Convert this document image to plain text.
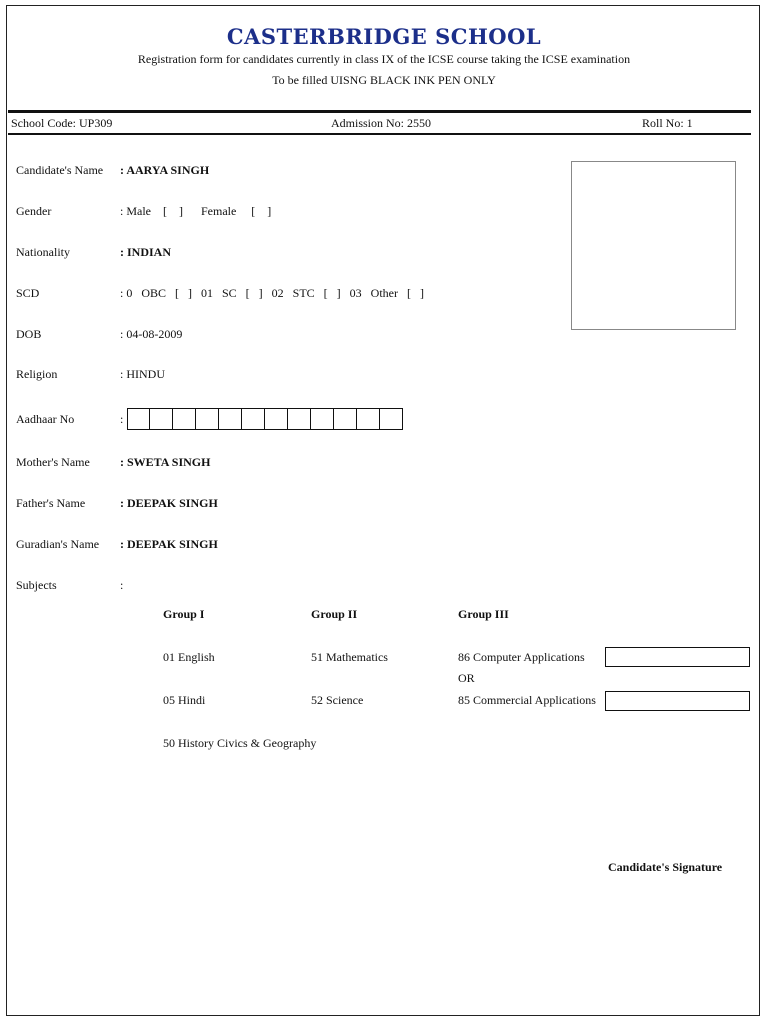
CASTERBRIDGE SCHOOL
Registration form for candidates currently in class IX of the ICSE course taking the ICSE examination
To be filled UISNG BLACK INK PEN ONLY
School Code: UP309	Admission No: 2550	Roll No: 1
Candidate's Name : AARYA SINGH
Gender	: Male    [    ]      Female     [    ]
Nationality	: INDIAN
SCD	: 0   OBC   [   ]   01   SC   [   ]   02   STC   [   ]   03   Other   [   ]
DOB	: 04-08-2009
Religion	: HINDU
Aadhaar No	:
Mother's Name	: SWETA SINGH
Father's Name	: DEEPAK SINGH
Guradian's Name : DEEPAK SINGH
Subjects	:
Group I	Group II	Group III
01 English	51 Mathematics	86 Computer Applications
OR
05 Hindi	52 Science	85 Commercial Applications
50 History Civics & Geography
Candidate's Signature
